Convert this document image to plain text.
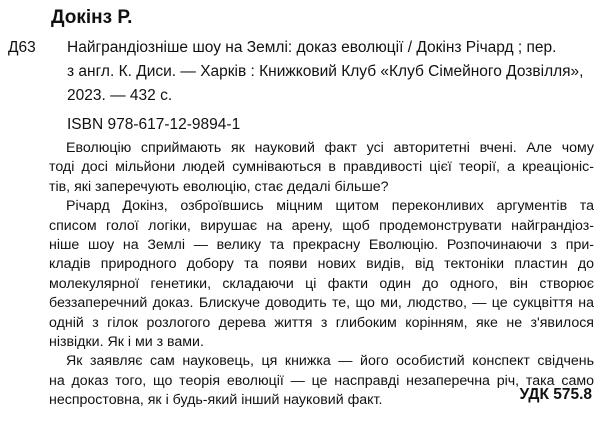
Докінз Р.
Д63 Найграндіозніше шоу на Землі: доказ еволюції / Докінз Річард ; пер.
з англ. К. Диси. — Харків : Книжковий Клуб «Клуб Сімейного Дозвілля»,
2023. — 432 с.
ISBN 978-617-12-9894-1
Еволюцію сприймають як науковий факт усі авторитетні вчені. Але чому
тоді досі мільйони людей сумніваються в правдивості цієї теорії, а креаціоніс-
тів, які заперечують еволюцію, стає дедалі більше?
Річард Докінз, озброївшись міцним щитом переконливих аргументів та
списом голої логіки, вирушає на арену, щоб продемонструвати найграндіоз-
ніше шоу на Землі — велику та прекрасну Еволюцію. Розпочинаючи з при-
кладів природного добору та появи нових видів, від тектоніки пластин до
молекулярної генетики, складаючи ці факти один до одного, він створює
беззаперечний доказ. Блискуче доводить те, що ми, людство, — це сукцвіття на
одній з гілок розлогого дерева життя з глибоким корінням, яке не з'явилося
нізвідки. Як і ми з вами.
Як заявляє сам науковець, ця книжка — його особистий конспект свідчень
на доказ того, що теорія еволюції — це насправді незаперечна річ, така само
неспростовна, як і будь-який інший науковий факт.	УДК 575.8
